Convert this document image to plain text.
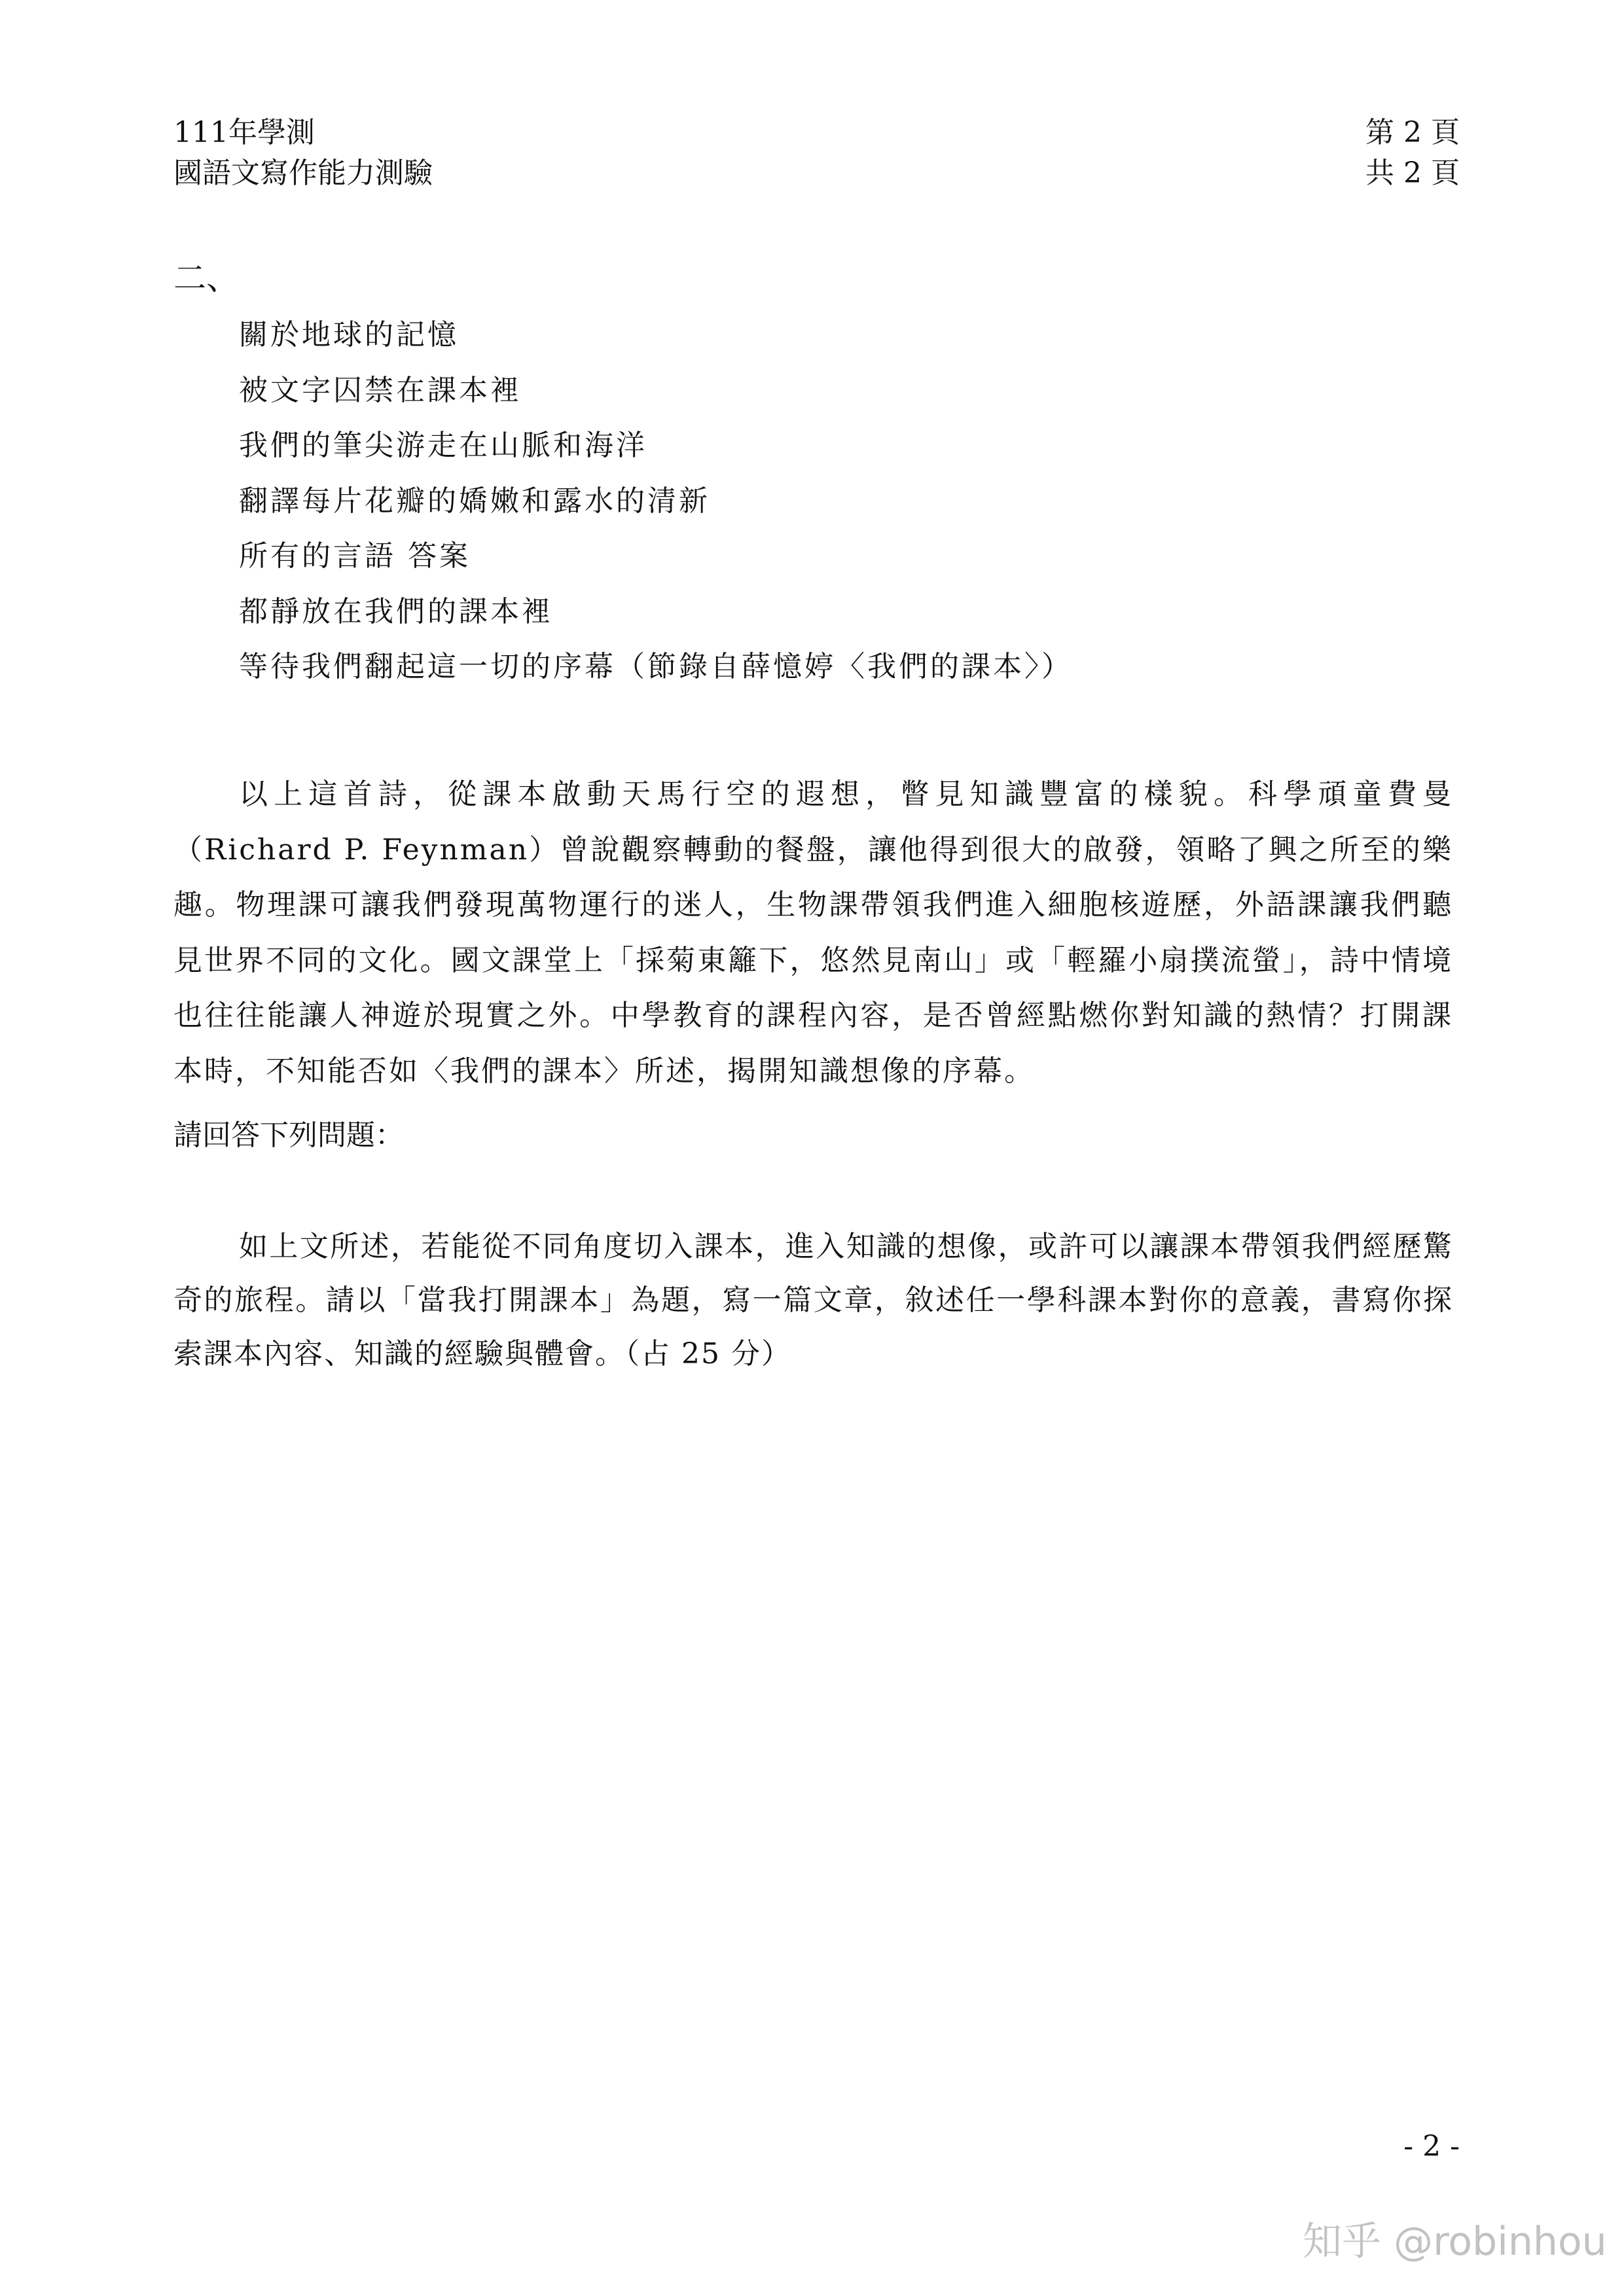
111年學測
國語文寫作能力測驗
第 2 頁
共 2 頁
二、
關於地球的記憶
被文字囚禁在課本裡
我們的筆尖游走在山脈和海洋
翻譯每片花瓣的嬌嫩和露水的清新
所有的言語 答案
都靜放在我們的課本裡
等待我們翻起這一切的序幕（節錄自薛憶婷〈我們的課本〉）

以上這首詩，從課本啟動天馬行空的遐想，瞥見知識豐富的樣貌。科學頑童費曼（Richard P. Feynman）曾說觀察轉動的餐盤，讓他得到很大的啟發，領略了興之所至的樂趣。物理課可讓我們發現萬物運行的迷人，生物課帶領我們進入細胞核遊歷，外語課讓我們聽見世界不同的文化。國文課堂上「採菊東籬下，悠然見南山」或「輕羅小扇撲流螢」，詩中情境也往往能讓人神遊於現實之外。中學教育的課程內容，是否曾經點燃你對知識的熱情？打開課本時，不知能否如〈我們的課本〉所述，揭開知識想像的序幕。

請回答下列問題：

如上文所述，若能從不同角度切入課本，進入知識的想像，或許可以讓課本帶領我們經歷驚奇的旅程。請以「當我打開課本」為題，寫一篇文章，敘述任一學科課本對你的意義，書寫你探索課本內容、知識的經驗與體會。（占 25 分）

- 2 -
知乎 @robinhou
